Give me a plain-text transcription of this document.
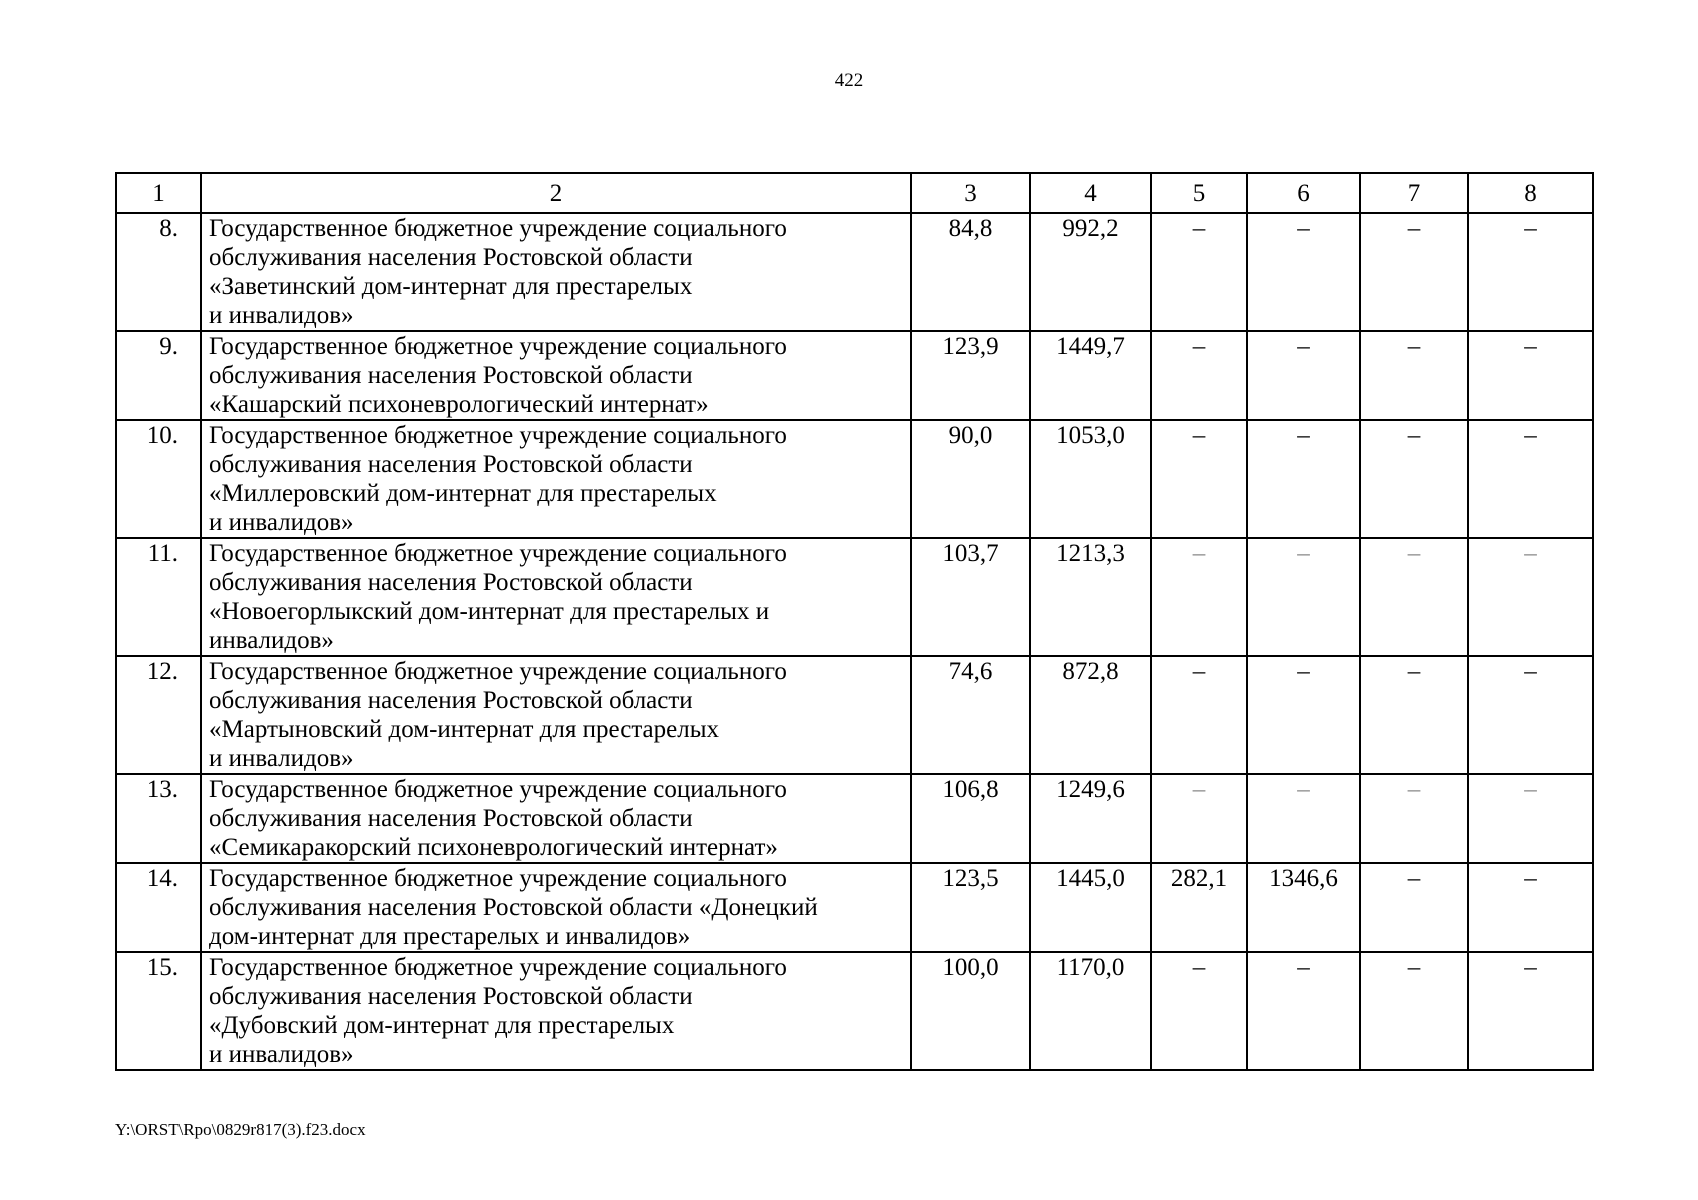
422
1	2	3	4	5	6	7	8
8.	Государственное бюджетное учреждение социального
обслуживания населения Ростовской области
«Заветинский дом-интернат для престарелых
и инвалидов»	84,8	992,2	–	–	–	–
9.	Государственное бюджетное учреждение социального
обслуживания населения Ростовской области
«Кашарский психоневрологический интернат»	123,9	1449,7	–	–	–	–
10.	Государственное бюджетное учреждение социального
обслуживания населения Ростовской области
«Миллеровский дом-интернат для престарелых
и инвалидов»	90,0	1053,0	–	–	–	–
11.	Государственное бюджетное учреждение социального
обслуживания населения Ростовской области
«Новоегорлыкский дом-интернат для престарелых и
инвалидов»	103,7	1213,3	–	–	–	–
12.	Государственное бюджетное учреждение социального
обслуживания населения Ростовской области
«Мартыновский дом-интернат для престарелых
и инвалидов»	74,6	872,8	–	–	–	–
13.	Государственное бюджетное учреждение социального
обслуживания населения Ростовской области
«Семикаракорский психоневрологический интернат»	106,8	1249,6	–	–	–	–
14.	Государственное бюджетное учреждение социального
обслуживания населения Ростовской области «Донецкий
дом-интернат для престарелых и инвалидов»	123,5	1445,0	282,1	1346,6	–	–
15.	Государственное бюджетное учреждение социального
обслуживания населения Ростовской области
«Дубовский дом-интернат для престарелых
и инвалидов»	100,0	1170,0	–	–	–	–
Y:\ORST\Rpo\0829r817(3).f23.docx
